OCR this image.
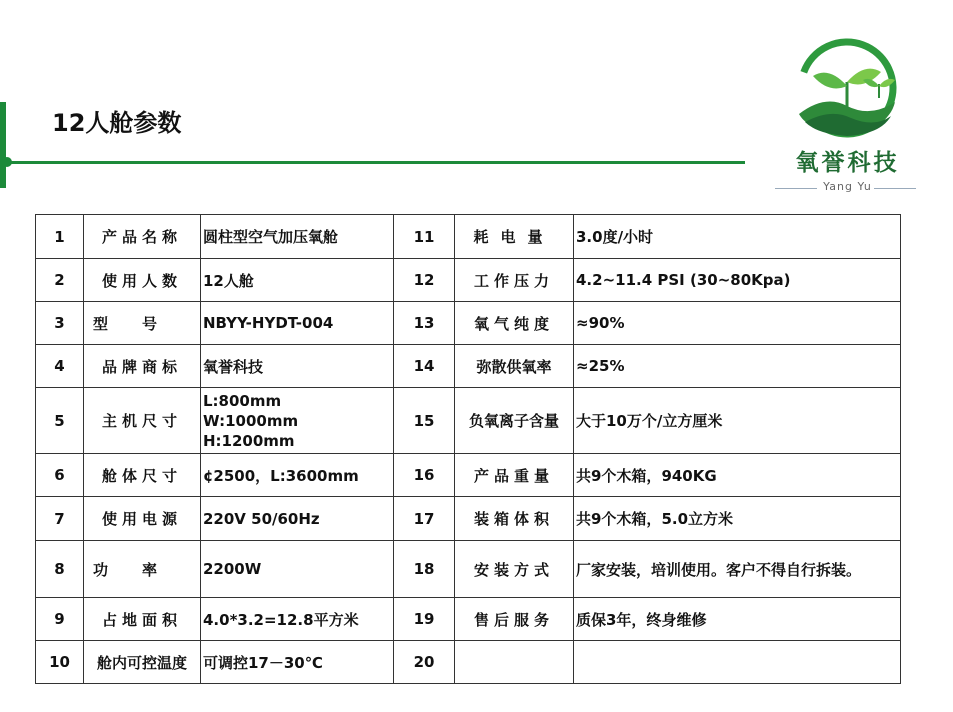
12人舱参数
氧誉科技
Yang Yu
1	产品名称	圆柱型空气加压氧舱	11	耗电量	3.0度/小时
2	使用人数	12人舱	12	工作压力	4.2~11.4 PSI (30~80Kpa)
3	型号	NBYY-HYDT-004	13	氧气纯度	≈90%
4	品牌商标	氧誉科技	14	弥散供氧率	≈25%
5	主机尺寸	L:800mm
W:1000mm
H:1200mm	15	负氧离子含量	大于10万个/立方厘米
6	舱体尺寸	¢2500，L:3600mm	16	产品重量	共9个木箱，940KG
7	使用电源	220V 50/60Hz	17	装箱体积	共9个木箱，5.0立方米
8	功率	2200W	18	安装方式	厂家安装，培训使用。客户不得自行拆装。
9	占地面积	4.0*3.2=12.8平方米	19	售后服务	质保3年，终身维修
10	舱内可控温度	可调控17－30℃	20		
